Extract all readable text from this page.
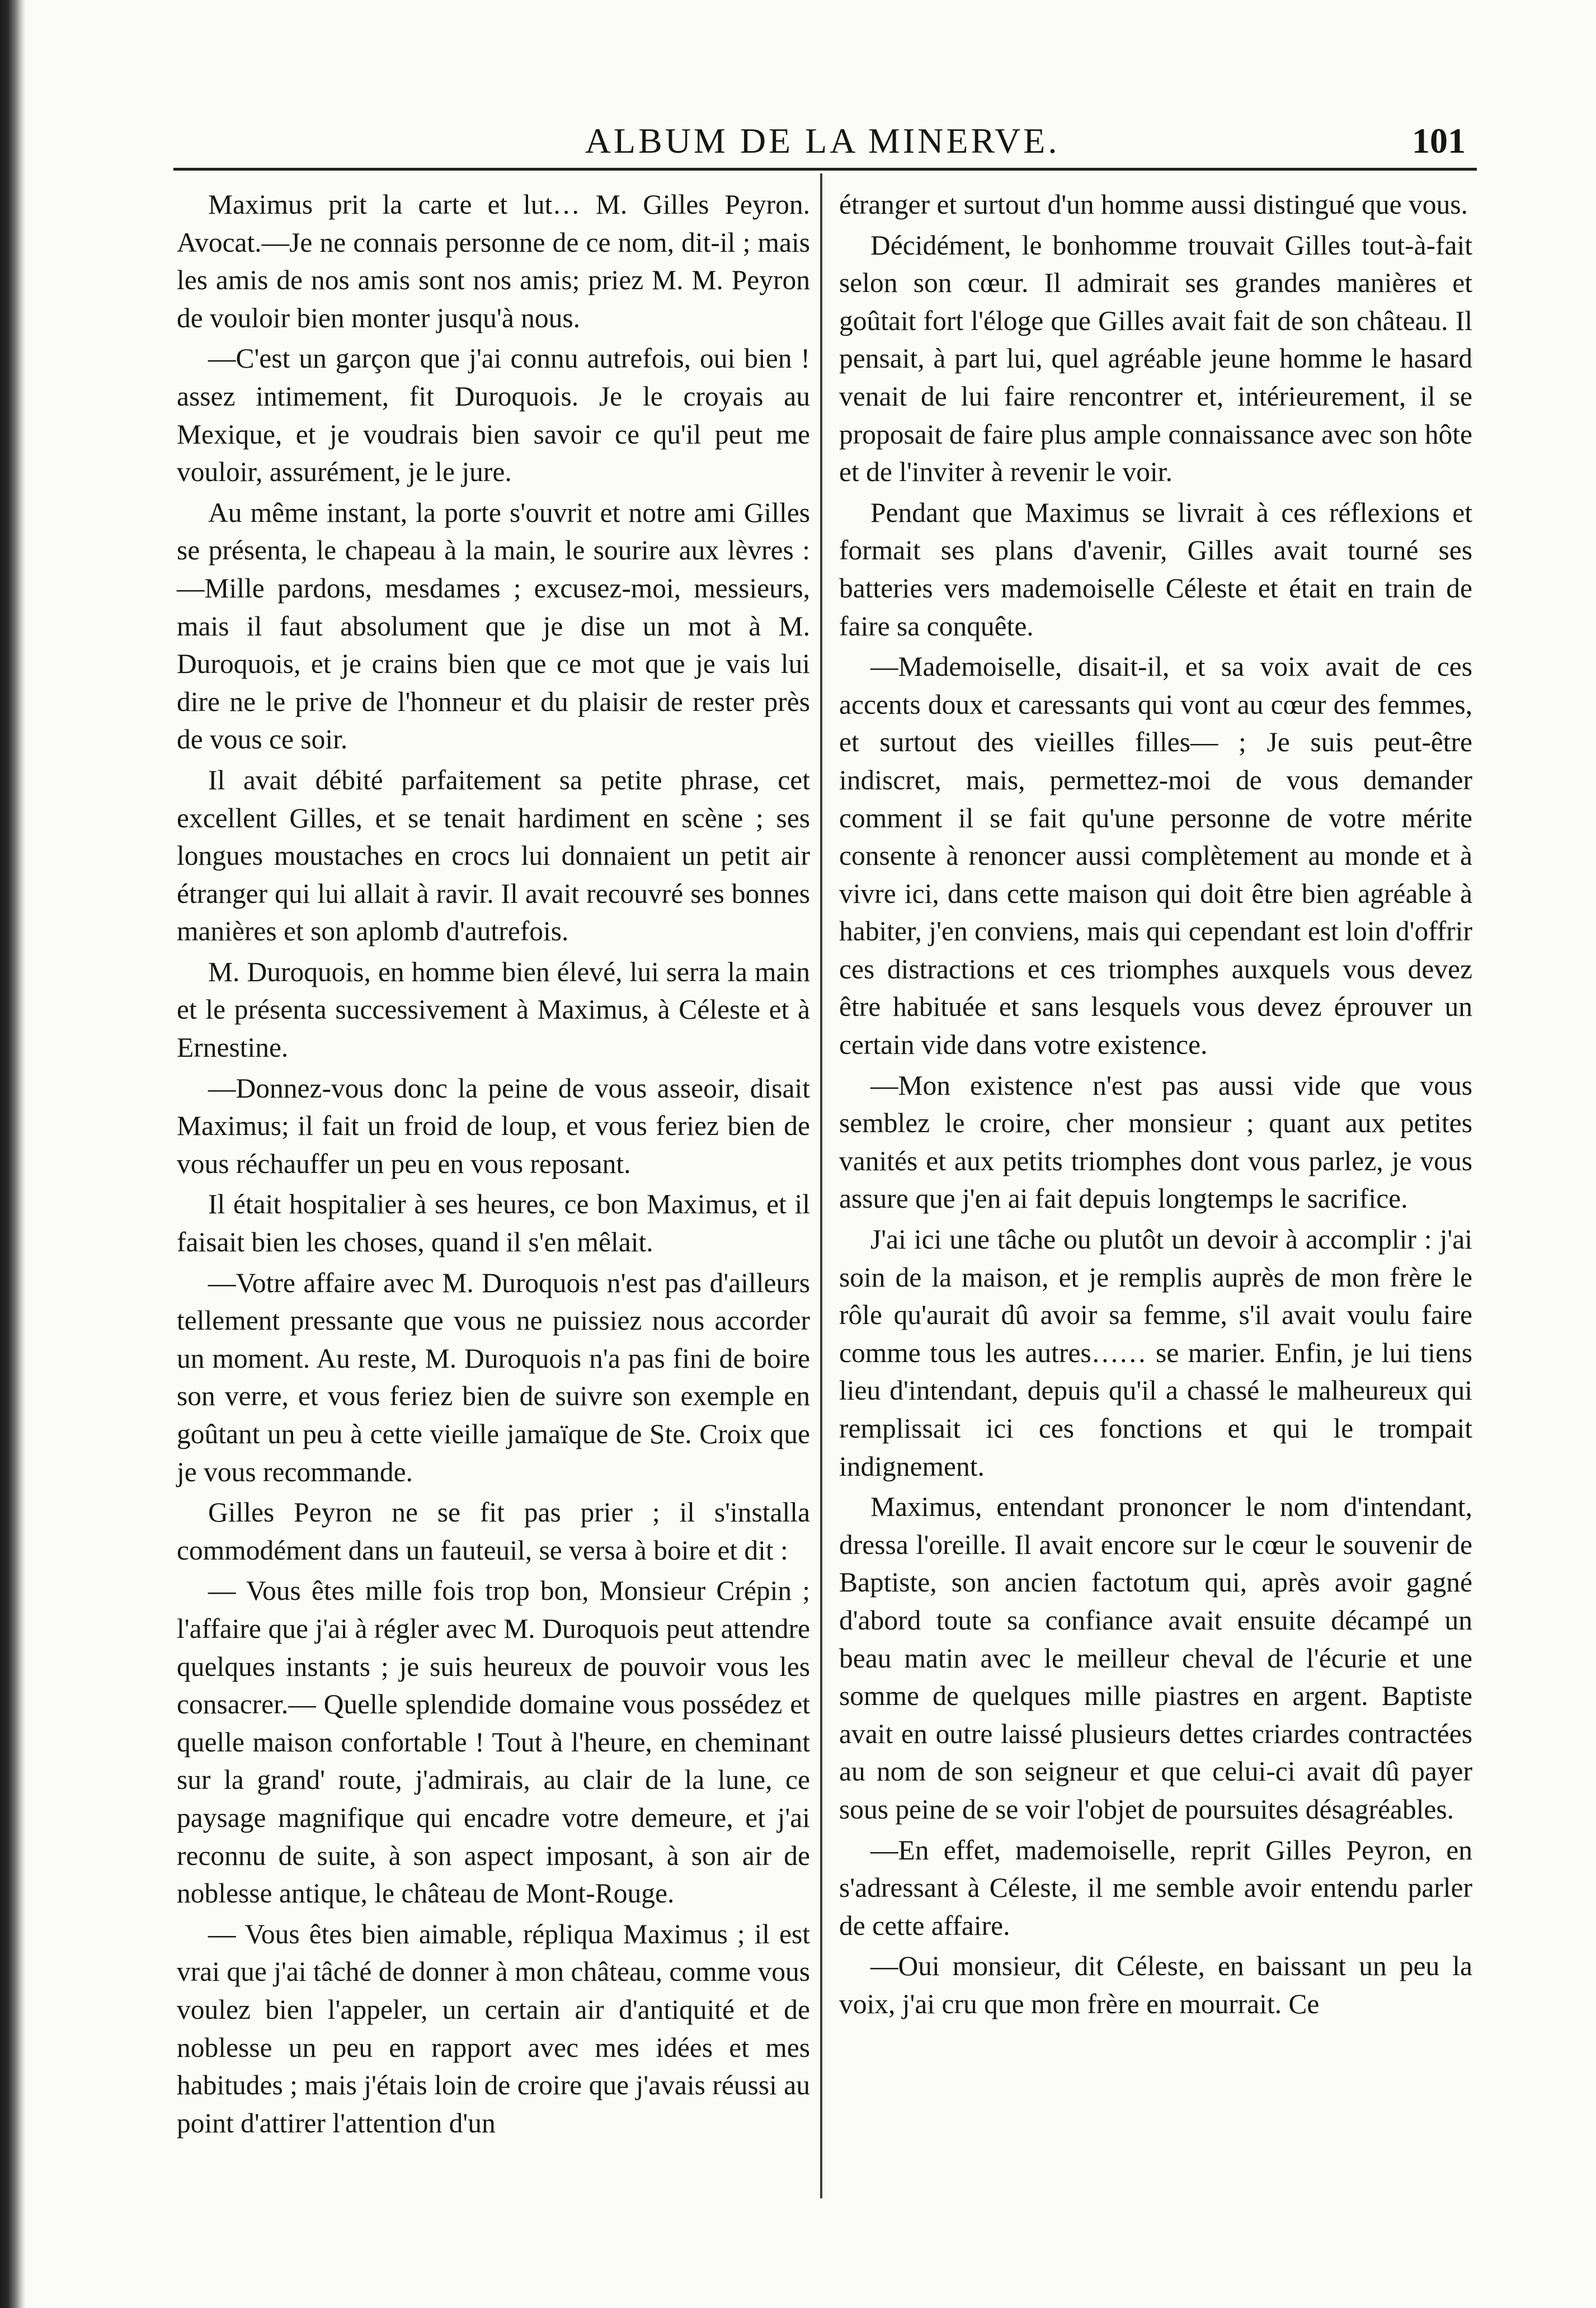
ALBUM DE LA MINERVE.	101

Maximus prit la carte et lut… M. Gilles Peyron. Avocat.—Je ne connais personne de ce nom, dit-il ; mais les amis de nos amis sont nos amis; priez M. M. Peyron de vouloir bien monter jusqu'à nous.

—C'est un garçon que j'ai connu autrefois, oui bien ! assez intimement, fit Duroquois. Je le croyais au Mexique, et je voudrais bien savoir ce qu'il peut me vouloir, assurément, je le jure.

Au même instant, la porte s'ouvrit et notre ami Gilles se présenta, le chapeau à la main, le sourire aux lèvres :—Mille pardons, mesdames ; excusez-moi, messieurs, mais il faut absolument que je dise un mot à M. Duroquois, et je crains bien que ce mot que je vais lui dire ne le prive de l'honneur et du plaisir de rester près de vous ce soir.

Il avait débité parfaitement sa petite phrase, cet excellent Gilles, et se tenait hardiment en scène ; ses longues moustaches en crocs lui donnaient un petit air étranger qui lui allait à ravir. Il avait recouvré ses bonnes manières et son aplomb d'autrefois.

M. Duroquois, en homme bien élevé, lui serra la main et le présenta successivement à Maximus, à Céleste et à Ernestine.

—Donnez-vous donc la peine de vous asseoir, disait Maximus; il fait un froid de loup, et vous feriez bien de vous réchauffer un peu en vous reposant.

Il était hospitalier à ses heures, ce bon Maximus, et il faisait bien les choses, quand il s'en mêlait.

—Votre affaire avec M. Duroquois n'est pas d'ailleurs tellement pressante que vous ne puissiez nous accorder un moment. Au reste, M. Duroquois n'a pas fini de boire son verre, et vous feriez bien de suivre son exemple en goûtant un peu à cette vieille jamaïque de Ste. Croix que je vous recommande.

Gilles Peyron ne se fit pas prier ; il s'installa commodément dans un fauteuil, se versa à boire et dit :

— Vous êtes mille fois trop bon, Monsieur Crépin ; l'affaire que j'ai à régler avec M. Duroquois peut attendre quelques instants ; je suis heureux de pouvoir vous les consacrer.— Quelle splendide domaine vous possédez et quelle maison confortable ! Tout à l'heure, en cheminant sur la grand' route, j'admirais, au clair de la lune, ce paysage magnifique qui encadre votre demeure, et j'ai reconnu de suite, à son aspect imposant, à son air de noblesse antique, le château de Mont-Rouge.

— Vous êtes bien aimable, répliqua Maximus ; il est vrai que j'ai tâché de donner à mon château, comme vous voulez bien l'appeler, un certain air d'antiquité et de noblesse un peu en rapport avec mes idées et mes habitudes ; mais j'étais loin de croire que j'avais réussi au point d'attirer l'attention d'un

étranger et surtout d'un homme aussi distingué que vous.

Décidément, le bonhomme trouvait Gilles tout-à-fait selon son cœur. Il admirait ses grandes manières et goûtait fort l'éloge que Gilles avait fait de son château. Il pensait, à part lui, quel agréable jeune homme le hasard venait de lui faire rencontrer et, intérieurement, il se proposait de faire plus ample connaissance avec son hôte et de l'inviter à revenir le voir.

Pendant que Maximus se livrait à ces réflexions et formait ses plans d'avenir, Gilles avait tourné ses batteries vers mademoiselle Céleste et était en train de faire sa conquête.

—Mademoiselle, disait-il, et sa voix avait de ces accents doux et caressants qui vont au cœur des femmes, et surtout des vieilles filles— ; Je suis peut-être indiscret, mais, permettez-moi de vous demander comment il se fait qu'une personne de votre mérite consente à renoncer aussi complètement au monde et à vivre ici, dans cette maison qui doit être bien agréable à habiter, j'en conviens, mais qui cependant est loin d'offrir ces distractions et ces triomphes auxquels vous devez être habituée et sans lesquels vous devez éprouver un certain vide dans votre existence.

—Mon existence n'est pas aussi vide que vous semblez le croire, cher monsieur ; quant aux petites vanités et aux petits triomphes dont vous parlez, je vous assure que j'en ai fait depuis longtemps le sacrifice.

J'ai ici une tâche ou plutôt un devoir à accomplir : j'ai soin de la maison, et je remplis auprès de mon frère le rôle qu'aurait dû avoir sa femme, s'il avait voulu faire comme tous les autres…… se marier. Enfin, je lui tiens lieu d'intendant, depuis qu'il a chassé le malheureux qui remplissait ici ces fonctions et qui le trompait indignement.

Maximus, entendant prononcer le nom d'intendant, dressa l'oreille. Il avait encore sur le cœur le souvenir de Baptiste, son ancien factotum qui, après avoir gagné d'abord toute sa confiance avait ensuite décampé un beau matin avec le meilleur cheval de l'écurie et une somme de quelques mille piastres en argent. Baptiste avait en outre laissé plusieurs dettes criardes contractées au nom de son seigneur et que celui-ci avait dû payer sous peine de se voir l'objet de poursuites désagréables.

—En effet, mademoiselle, reprit Gilles Peyron, en s'adressant à Céleste, il me semble avoir entendu parler de cette affaire.

—Oui monsieur, dit Céleste, en baissant un peu la voix, j'ai cru que mon frère en mourrait. Ce
